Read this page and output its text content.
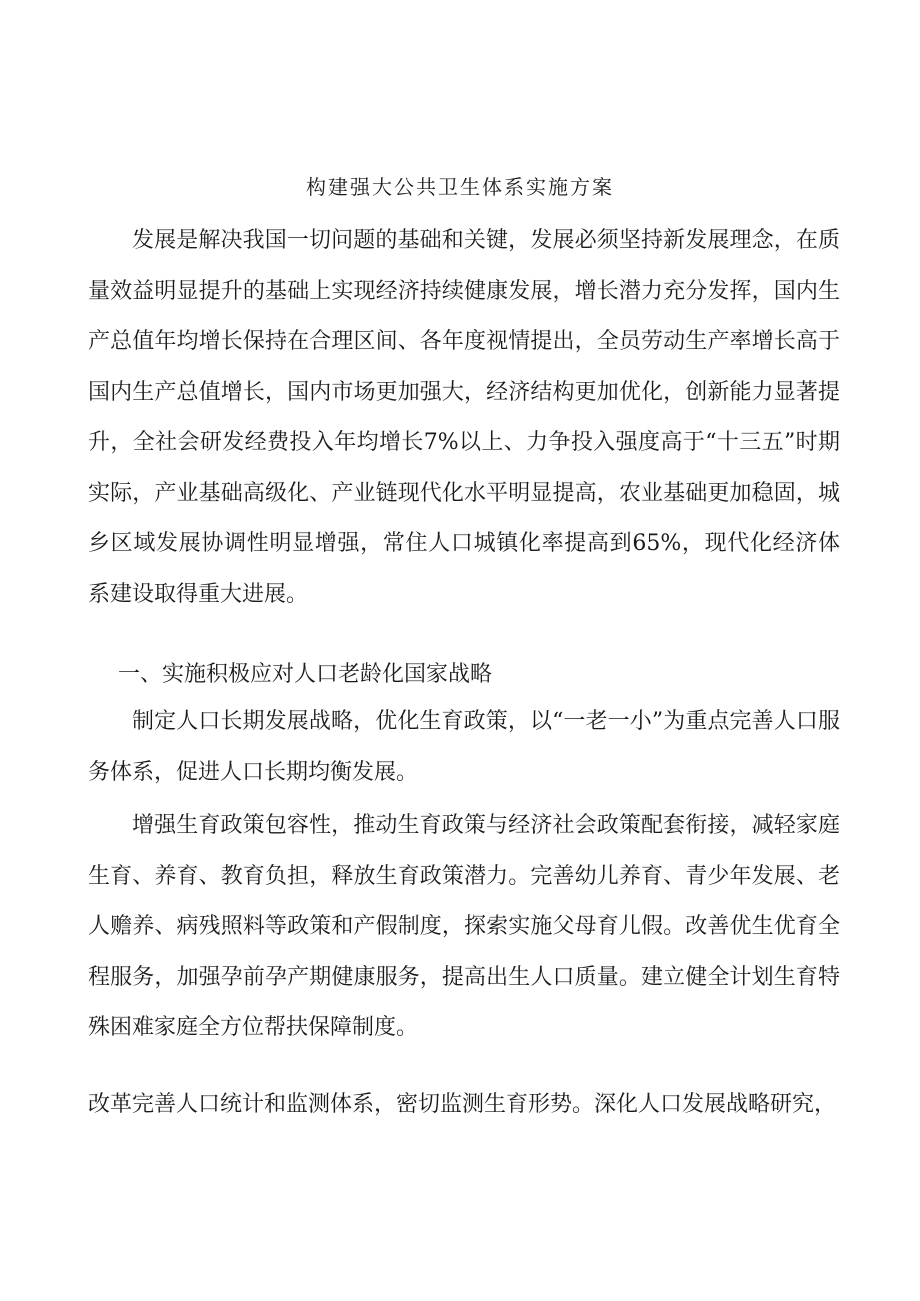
构建强大公共卫生体系实施方案
发展是解决我国一切问题的基础和关键，发展必须坚持新发展理念，在质量效益明显提升的基础上实现经济持续健康发展，增长潜力充分发挥，国内生产总值年均增长保持在合理区间、各年度视情提出，全员劳动生产率增长高于国内生产总值增长，国内市场更加强大，经济结构更加优化，创新能力显著提升，全社会研发经费投入年均增长7%以上、力争投入强度高于“十三五”时期实际，产业基础高级化、产业链现代化水平明显提高，农业基础更加稳固，城乡区域发展协调性明显增强，常住人口城镇化率提高到65%，现代化经济体系建设取得重大进展。
一、实施积极应对人口老龄化国家战略
制定人口长期发展战略，优化生育政策，以“一老一小”为重点完善人口服务体系，促进人口长期均衡发展。
增强生育政策包容性，推动生育政策与经济社会政策配套衔接，减轻家庭生育、养育、教育负担，释放生育政策潜力。完善幼儿养育、青少年发展、老人赡养、病残照料等政策和产假制度，探索实施父母育儿假。改善优生优育全程服务，加强孕前孕产期健康服务，提高出生人口质量。建立健全计划生育特殊困难家庭全方位帮扶保障制度。
改革完善人口统计和监测体系，密切监测生育形势。深化人口发展战略研究，
